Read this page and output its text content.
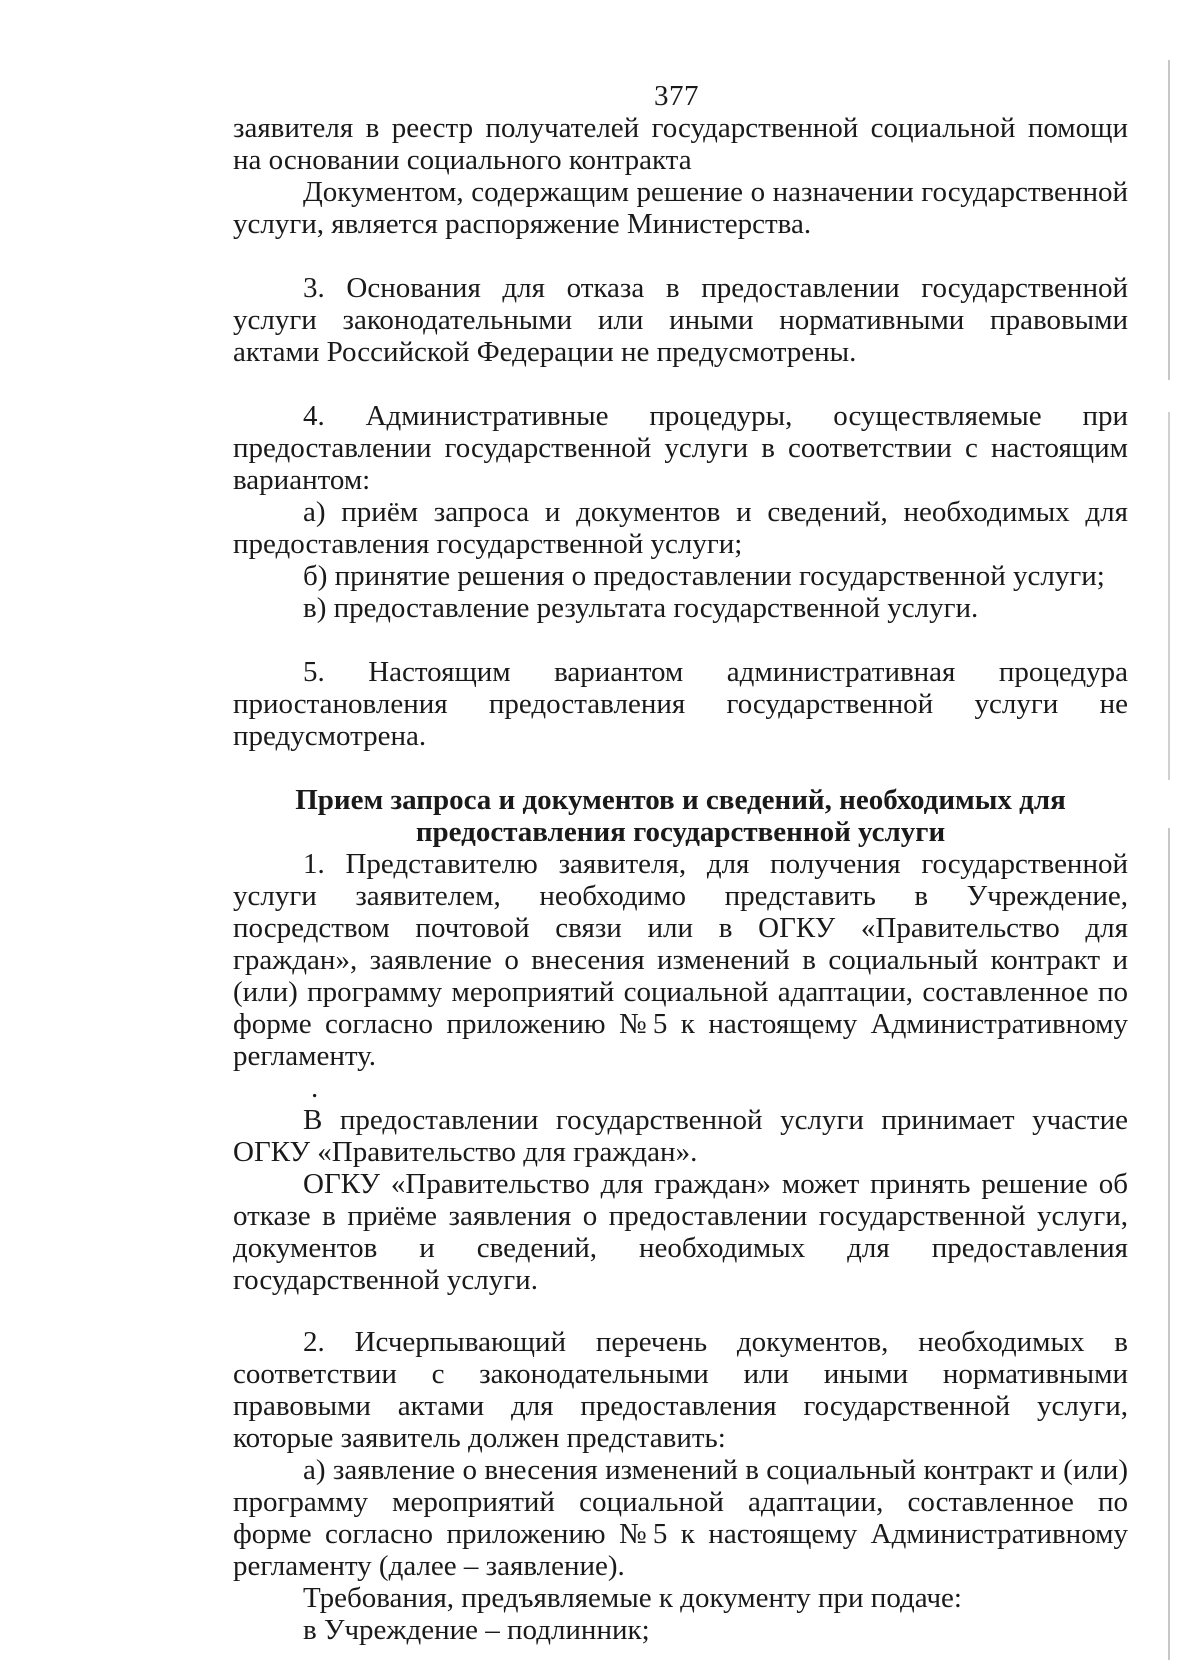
377

заявителя в реестр получателей государственной социальной помощи на основании социального контракта

Документом, содержащим решение о назначении государственной услуги, является распоряжение Министерства.

3. Основания для отказа в предоставлении государственной услуги законодательными или иными нормативными правовыми актами Российской Федерации не предусмотрены.

4. Административные процедуры, осуществляемые при предоставлении государственной услуги в соответствии с настоящим вариантом:

а) приём запроса и документов и сведений, необходимых для предоставления государственной услуги;

б) принятие решения о предоставлении государственной услуги;

в) предоставление результата государственной услуги.

5. Настоящим вариантом административная процедура приостановления предоставления государственной услуги не предусмотрена.

Прием запроса и документов и сведений, необходимых для
предоставления государственной услуги

1. Представителю заявителя, для получения государственной услуги заявителем, необходимо представить в Учреждение, посредством почтовой связи или в ОГКУ «Правительство для граждан», заявление о внесения изменений в социальный контракт и (или) программу мероприятий социальной адаптации, составленное по форме согласно приложению №5 к настоящему Административному регламенту.

.

В предоставлении государственной услуги принимает участие ОГКУ «Правительство для граждан».

ОГКУ «Правительство для граждан» может принять решение об отказе в приёме заявления о предоставлении государственной услуги, документов и сведений, необходимых для предоставления государственной услуги.

2. Исчерпывающий перечень документов, необходимых в соответствии с законодательными или иными нормативными правовыми актами для предоставления государственной услуги, которые заявитель должен представить:

а) заявление о внесения изменений в социальный контракт и (или) программу мероприятий социальной адаптации, составленное по форме согласно приложению №5 к настоящему Административному регламенту (далее – заявление).

Требования, предъявляемые к документу при подаче:

в Учреждение – подлинник;
